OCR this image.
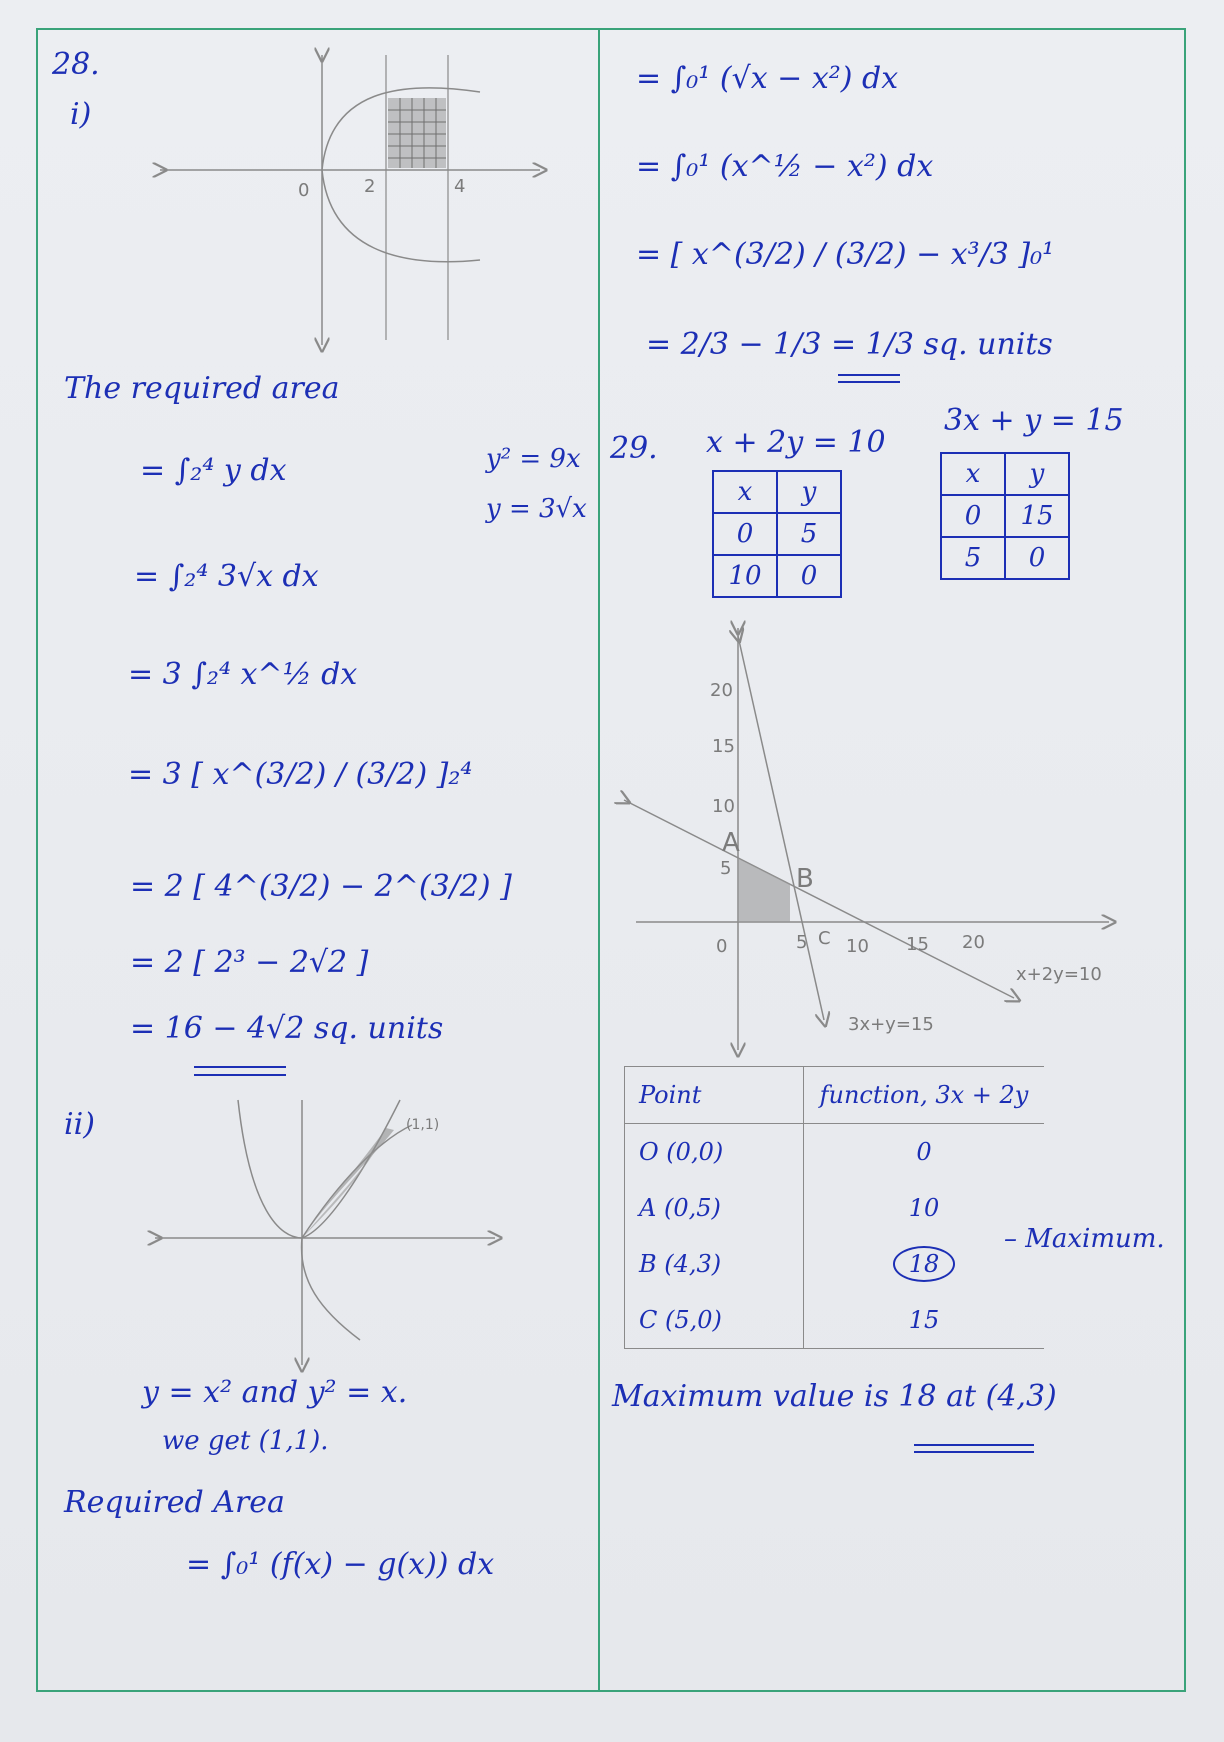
28.
i)
0	2	4
The required area
= ∫₂⁴ y dx	y² = 9x
y = 3√x
= ∫₂⁴ 3√x dx
= 3 ∫₂⁴ x^½ dx
= 3 [ x^(3/2) / (3/2) ]₂⁴
= 2 [ 4^(3/2) − 2^(3/2) ]
= 2 [ 2³ − 2√2 ]
= 16 − 4√2 sq. units
ii)	(1,1)
y = x² and y² = x.
we get (1,1).
Required Area
= ∫₀¹ (f(x) − g(x)) dx
= ∫₀¹ (√x − x²) dx
= ∫₀¹ (x^½ − x²) dx
= [ x^(3/2) / (3/2) − x³/3 ]₀¹
= 2/3 − 1/3 = 1/3 sq. units
29. x + 2y = 10
3x + y = 15
x	y
0	5
10	0
x	y
0	15
5	0
20
15
10
5
A
B
C
0	5 10 15 20
x+2y=10
3x+y=15
Point	function, 3x + 2y
O (0,0)	0
A (0,5)	10
B (4,3)	18
C (5,0)	15
– Maximum.
Maximum value is 18 at (4,3)
